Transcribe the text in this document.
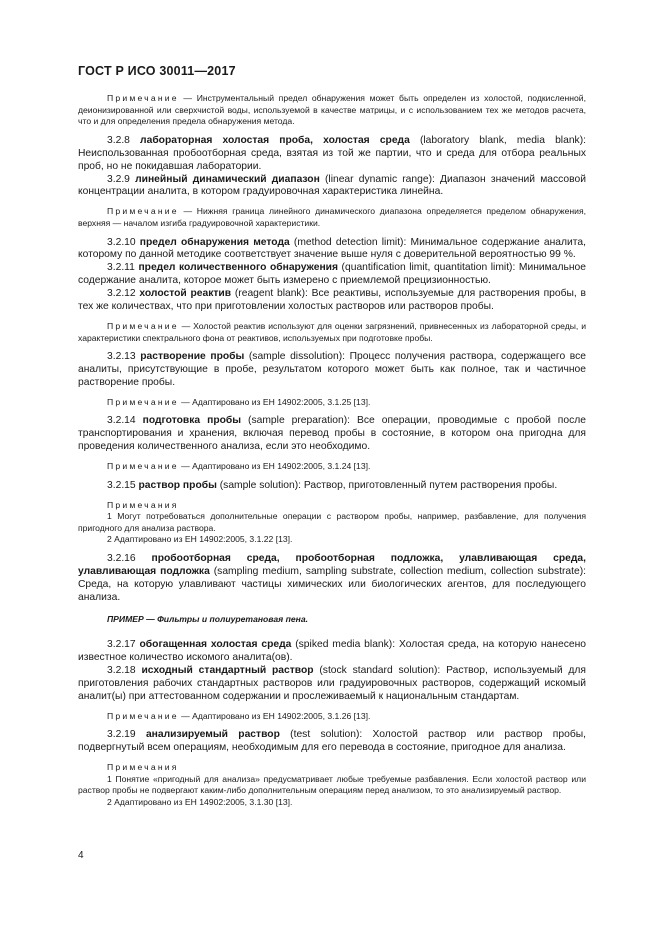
ГОСТ Р ИСО 30011—2017

Примечание — Инструментальный предел обнаружения может быть определен из холостой, подкисленной, деионизированной или сверхчистой воды, используемой в качестве матрицы, и с использованием тех же методов расчета, что и для определения предела обнаружения метода.

3.2.8 лабораторная холостая проба, холостая среда (laboratory blank, media blank): Неиспользованная пробоотборная среда, взятая из той же партии, что и среда для отбора реальных проб, но не покидавшая лаборатории.

3.2.9 линейный динамический диапазон (linear dynamic range): Диапазон значений массовой концентрации аналита, в котором градуировочная характеристика линейна.

Примечание — Нижняя граница линейного динамического диапазона определяется пределом обнаружения, верхняя — началом изгиба градуировочной характеристики.

3.2.10 предел обнаружения метода (method detection limit): Минимальное содержание аналита, которому по данной методике соответствует значение выше нуля с доверительной вероятностью 99 %.

3.2.11 предел количественного обнаружения (quantification limit, quantitation limit): Минимальное содержание аналита, которое может быть измерено с приемлемой прецизионностью.

3.2.12 холостой реактив (reagent blank): Все реактивы, используемые для растворения пробы, в тех же количествах, что при приготовлении холостых растворов или растворов пробы.

Примечание — Холостой реактив используют для оценки загрязнений, привнесенных из лабораторной среды, и характеристики спектрального фона от реактивов, используемых при подготовке пробы.

3.2.13 растворение пробы (sample dissolution): Процесс получения раствора, содержащего все аналиты, присутствующие в пробе, результатом которого может быть как полное, так и частичное растворение пробы.

Примечание — Адаптировано из ЕН 14902:2005, 3.1.25 [13].

3.2.14 подготовка пробы (sample preparation): Все операции, проводимые с пробой после транспортирования и хранения, включая перевод пробы в состояние, в котором она пригодна для проведения количественного анализа, если это необходимо.

Примечание — Адаптировано из ЕН 14902:2005, 3.1.24 [13].

3.2.15 раствор пробы (sample solution): Раствор, приготовленный путем растворения пробы.

Примечания

1 Могут потребоваться дополнительные операции с раствором пробы, например, разбавление, для получения пригодного для анализа раствора.

2 Адаптировано из ЕН 14902:2005, 3.1.22 [13].

3.2.16 пробоотборная среда, пробоотборная подложка, улавливающая среда, улавливающая подложка (sampling medium, sampling substrate, collection medium, collection substrate): Среда, на которую улавливают частицы химических или биологических агентов, для последующего анализа.

ПРИМЕР — Фильтры и полиуретановая пена.

3.2.17 обогащенная холостая среда (spiked media blank): Холостая среда, на которую нанесено известное количество искомого аналита(ов).

3.2.18 исходный стандартный раствор (stock standard solution): Раствор, используемый для приготовления рабочих стандартных растворов или градуировочных растворов, содержащий искомый аналит(ы) при аттестованном содержании и прослеживаемый к национальным стандартам.

Примечание — Адаптировано из ЕН 14902:2005, 3.1.26 [13].

3.2.19 анализируемый раствор (test solution): Холостой раствор или раствор пробы, подвергнутый всем операциям, необходимым для его перевода в состояние, пригодное для анализа.

Примечания

1 Понятие «пригодный для анализа» предусматривает любые требуемые разбавления. Если холостой раствор или раствор пробы не подвергают каким-либо дополнительным операциям перед анализом, то это анализируемый раствор.

2 Адаптировано из ЕН 14902:2005, 3.1.30 [13].

4
